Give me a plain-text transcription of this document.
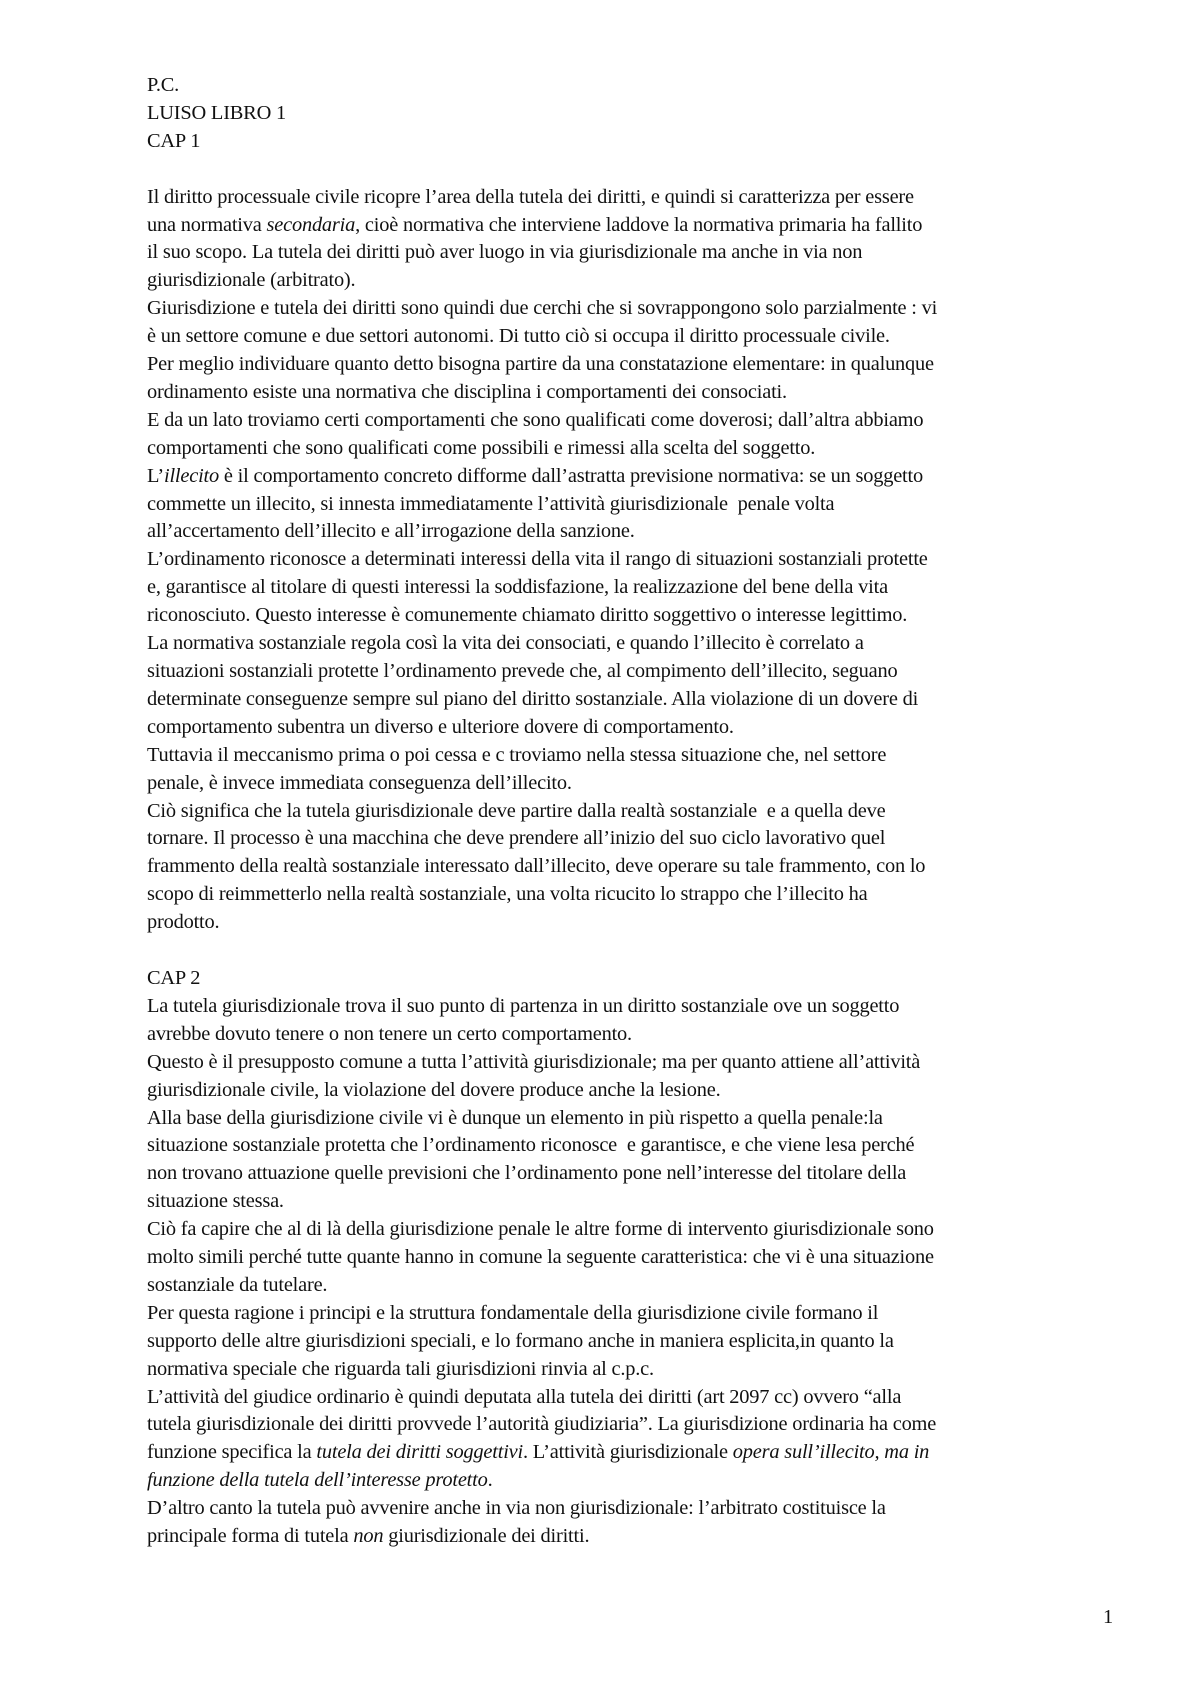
P.C.
LUISO LIBRO 1
CAP 1
Il diritto processuale civile ricopre l’area della tutela dei diritti, e quindi si caratterizza per essere
una normativa secondaria, cioè normativa che interviene laddove la normativa primaria ha fallito
il suo scopo. La tutela dei diritti può aver luogo in via giurisdizionale ma anche in via non
giurisdizionale (arbitrato).
Giurisdizione e tutela dei diritti sono quindi due cerchi che si sovrappongono solo parzialmente : vi
è un settore comune e due settori autonomi. Di tutto ciò si occupa il diritto processuale civile.
Per meglio individuare quanto detto bisogna partire da una constatazione elementare: in qualunque
ordinamento esiste una normativa che disciplina i comportamenti dei consociati.
E da un lato troviamo certi comportamenti che sono qualificati come doverosi; dall’altra abbiamo
comportamenti che sono qualificati come possibili e rimessi alla scelta del soggetto.
L’illecito è il comportamento concreto difforme dall’astratta previsione normativa: se un soggetto
commette un illecito, si innesta immediatamente l’attività giurisdizionale  penale volta
all’accertamento dell’illecito e all’irrogazione della sanzione.
L’ordinamento riconosce a determinati interessi della vita il rango di situazioni sostanziali protette
e, garantisce al titolare di questi interessi la soddisfazione, la realizzazione del bene della vita
riconosciuto. Questo interesse è comunemente chiamato diritto soggettivo o interesse legittimo.
La normativa sostanziale regola così la vita dei consociati, e quando l’illecito è correlato a
situazioni sostanziali protette l’ordinamento prevede che, al compimento dell’illecito, seguano
determinate conseguenze sempre sul piano del diritto sostanziale. Alla violazione di un dovere di
comportamento subentra un diverso e ulteriore dovere di comportamento.
Tuttavia il meccanismo prima o poi cessa e c troviamo nella stessa situazione che, nel settore
penale, è invece immediata conseguenza dell’illecito.
Ciò significa che la tutela giurisdizionale deve partire dalla realtà sostanziale  e a quella deve
tornare. Il processo è una macchina che deve prendere all’inizio del suo ciclo lavorativo quel
frammento della realtà sostanziale interessato dall’illecito, deve operare su tale frammento, con lo
scopo di reimmetterlo nella realtà sostanziale, una volta ricucito lo strappo che l’illecito ha
prodotto.
CAP 2
La tutela giurisdizionale trova il suo punto di partenza in un diritto sostanziale ove un soggetto
avrebbe dovuto tenere o non tenere un certo comportamento.
Questo è il presupposto comune a tutta l’attività giurisdizionale; ma per quanto attiene all’attività
giurisdizionale civile, la violazione del dovere produce anche la lesione.
Alla base della giurisdizione civile vi è dunque un elemento in più rispetto a quella penale:la
situazione sostanziale protetta che l’ordinamento riconosce  e garantisce, e che viene lesa perché
non trovano attuazione quelle previsioni che l’ordinamento pone nell’interesse del titolare della
situazione stessa.
Ciò fa capire che al di là della giurisdizione penale le altre forme di intervento giurisdizionale sono
molto simili perché tutte quante hanno in comune la seguente caratteristica: che vi è una situazione
sostanziale da tutelare.
Per questa ragione i principi e la struttura fondamentale della giurisdizione civile formano il
supporto delle altre giurisdizioni speciali, e lo formano anche in maniera esplicita,in quanto la
normativa speciale che riguarda tali giurisdizioni rinvia al c.p.c.
L’attività del giudice ordinario è quindi deputata alla tutela dei diritti (art 2097 cc) ovvero “alla
tutela giurisdizionale dei diritti provvede l’autorità giudiziaria”. La giurisdizione ordinaria ha come
funzione specifica la tutela dei diritti soggettivi. L’attività giurisdizionale opera sull’illecito, ma in
funzione della tutela dell’interesse protetto.
D’altro canto la tutela può avvenire anche in via non giurisdizionale: l’arbitrato costituisce la
principale forma di tutela non giurisdizionale dei diritti.
1
